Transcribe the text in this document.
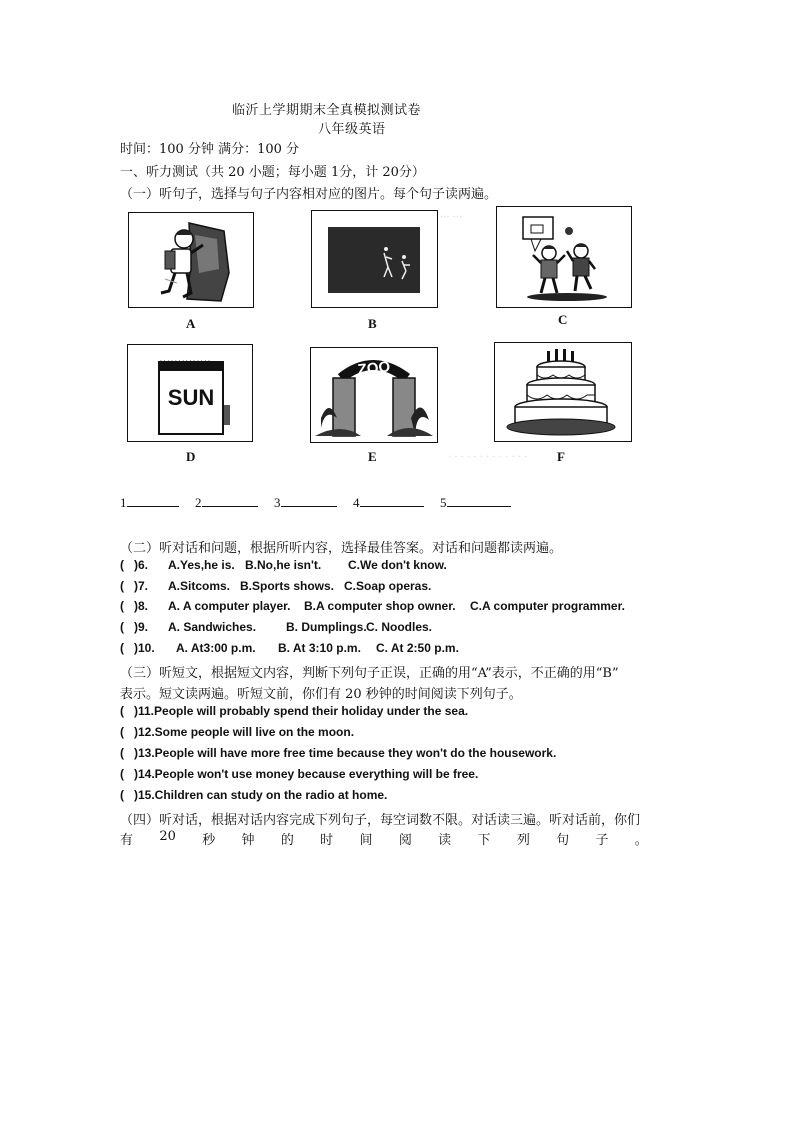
临沂上学期期末全真模拟测试卷
八年级英语
时间：100 分钟 满分：100 分
一、听力测试（共 20 小题；每小题 1分，计 20分）
（一）听句子，选择与句子内容相对应的图片。每个句子读两遍。
··· ···
A	B	C
ᴗᴗᴗᴗᴗᴗᴗ
SUN
D
ZOO
E	F
· · · · · · · · · · · · ·
1	2	3	4	5
（二）听对话和问题，根据所听内容，选择最佳答案。对话和问题都读两遍。
(   )6. A.Yes,he is. B.No,he isn't. C.We don't know.
(   )7. A.Sitcoms. B.Sports shows. C.Soap operas.
(   )8. A. A computer player. B.A computer shop owner. C.A computer programmer.
(   )9. A. Sandwiches. B. Dumplings. C. Noodles.
(   )10. A. At3:00 p.m. B. At 3:10 p.m. C. At 2:50 p.m.
（三）听短文，根据短文内容，判断下列句子正误，正确的用“A”表示，不正确的用“B”
表示。短文读两遍。听短文前，你们有 20 秒钟的时间阅读下列句子。
(   )11.People will probably spend their holiday under the sea.
(   )12.Some people will live on the moon.
(   )13.People will have more free time because they won't do the housework.
(   )14.People won't use money because everything will be free.
(   )15.Children can study on the radio at home.
（四）听对话，根据对话内容完成下列句子，每空词数不限。对话读三遍。听对话前，你们
有 20 秒 钟 的 时 间 阅 读 下 列 句 子 。
